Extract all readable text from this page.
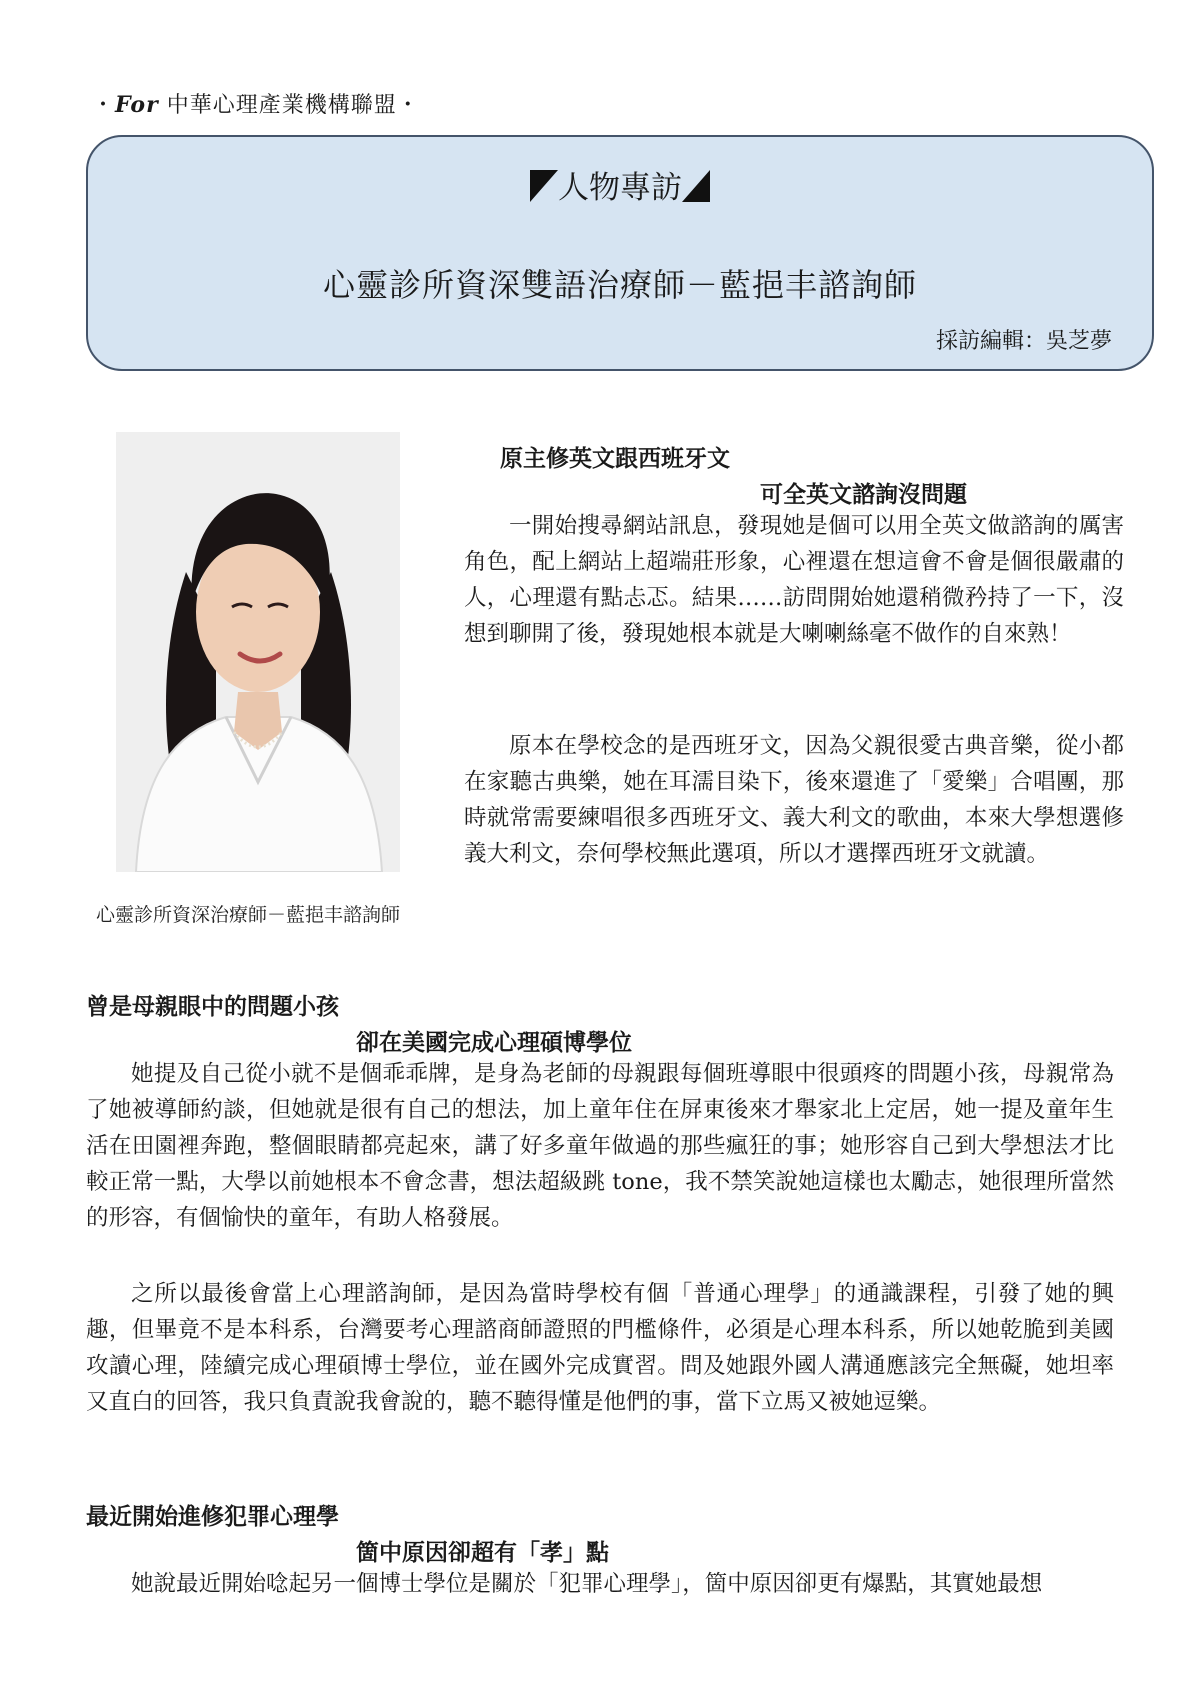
・For 中華心理產業機構聯盟・
人物專訪
心靈診所資深雙語治療師－藍挹丰諮詢師
採訪編輯：吳芝夢
心靈診所資深治療師－藍挹丰諮詢師
原主修英文跟西班牙文
可全英文諮詢沒問題
一開始搜尋網站訊息，發現她是個可以用全英文做諮詢的厲害角色，配上網站上超端莊形象，心裡還在想這會不會是個很嚴肅的人，心理還有點忐忑。結果……訪問開始她還稍微矜持了一下，沒想到聊開了後，發現她根本就是大喇喇絲毫不做作的自來熟！
原本在學校念的是西班牙文，因為父親很愛古典音樂，從小都在家聽古典樂，她在耳濡目染下，後來還進了「愛樂」合唱團，那時就常需要練唱很多西班牙文、義大利文的歌曲，本來大學想選修義大利文，奈何學校無此選項，所以才選擇西班牙文就讀。
曾是母親眼中的問題小孩
卻在美國完成心理碩博學位
她提及自己從小就不是個乖乖牌，是身為老師的母親跟每個班導眼中很頭疼的問題小孩，母親常為了她被導師約談，但她就是很有自己的想法，加上童年住在屏東後來才舉家北上定居，她一提及童年生活在田園裡奔跑，整個眼睛都亮起來，講了好多童年做過的那些瘋狂的事；她形容自己到大學想法才比較正常一點，大學以前她根本不會念書，想法超級跳 tone，我不禁笑說她這樣也太勵志，她很理所當然的形容，有個愉快的童年，有助人格發展。
之所以最後會當上心理諮詢師，是因為當時學校有個「普通心理學」的通識課程，引發了她的興趣，但畢竟不是本科系，台灣要考心理諮商師證照的門檻條件，必須是心理本科系，所以她乾脆到美國攻讀心理，陸續完成心理碩博士學位，並在國外完成實習。問及她跟外國人溝通應該完全無礙，她坦率又直白的回答，我只負責說我會說的，聽不聽得懂是他們的事，當下立馬又被她逗樂。
最近開始進修犯罪心理學
箇中原因卻超有「孝」點
她說最近開始唸起另一個博士學位是關於「犯罪心理學」，箇中原因卻更有爆點，其實她最想
